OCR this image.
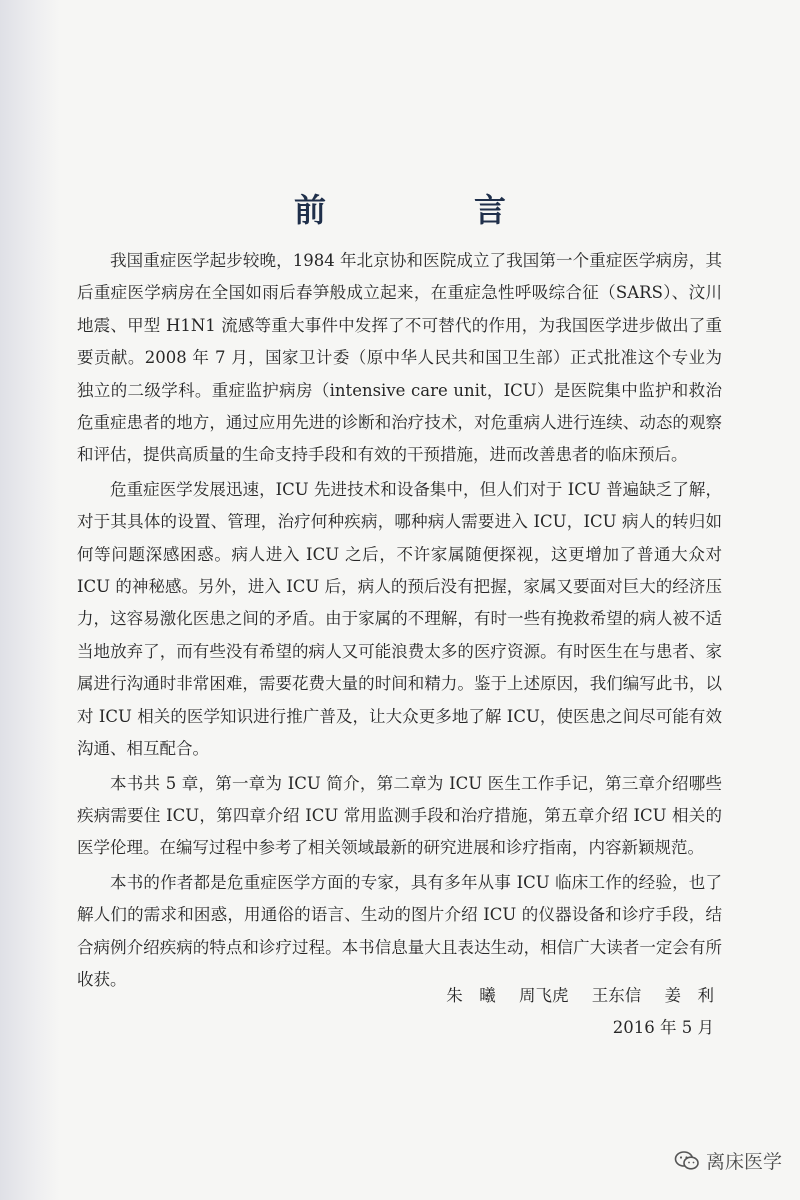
前　言

我国重症医学起步较晚，1984 年北京协和医院成立了我国第一个重症医学病房，其后重症医学病房在全国如雨后春笋般成立起来，在重症急性呼吸综合征（SARS）、汶川地震、甲型 H1N1 流感等重大事件中发挥了不可替代的作用，为我国医学进步做出了重要贡献。2008 年 7 月，国家卫计委（原中华人民共和国卫生部）正式批准这个专业为独立的二级学科。重症监护病房（intensive care unit，ICU）是医院集中监护和救治危重症患者的地方，通过应用先进的诊断和治疗技术，对危重病人进行连续、动态的观察和评估，提供高质量的生命支持手段和有效的干预措施，进而改善患者的临床预后。

危重症医学发展迅速，ICU 先进技术和设备集中，但人们对于 ICU 普遍缺乏了解，对于其具体的设置、管理，治疗何种疾病，哪种病人需要进入 ICU，ICU 病人的转归如何等问题深感困惑。病人进入 ICU 之后，不许家属随便探视，这更增加了普通大众对 ICU 的神秘感。另外，进入 ICU 后，病人的预后没有把握，家属又要面对巨大的经济压力，这容易激化医患之间的矛盾。由于家属的不理解，有时一些有挽救希望的病人被不适当地放弃了，而有些没有希望的病人又可能浪费太多的医疗资源。有时医生在与患者、家属进行沟通时非常困难，需要花费大量的时间和精力。鉴于上述原因，我们编写此书，以对 ICU 相关的医学知识进行推广普及，让大众更多地了解 ICU，使医患之间尽可能有效沟通、相互配合。

本书共 5 章，第一章为 ICU 简介，第二章为 ICU 医生工作手记，第三章介绍哪些疾病需要住 ICU，第四章介绍 ICU 常用监测手段和治疗措施，第五章介绍 ICU 相关的医学伦理。在编写过程中参考了相关领域最新的研究进展和诊疗指南，内容新颖规范。

本书的作者都是危重症医学方面的专家，具有多年从事 ICU 临床工作的经验，也了解人们的需求和困惑，用通俗的语言、生动的图片介绍 ICU 的仪器设备和诊疗手段，结合病例介绍疾病的特点和诊疗过程。本书信息量大且表达生动，相信广大读者一定会有所收获。

朱　曦 周飞虎 王东信 姜　利
2016 年 5 月
离床医学
